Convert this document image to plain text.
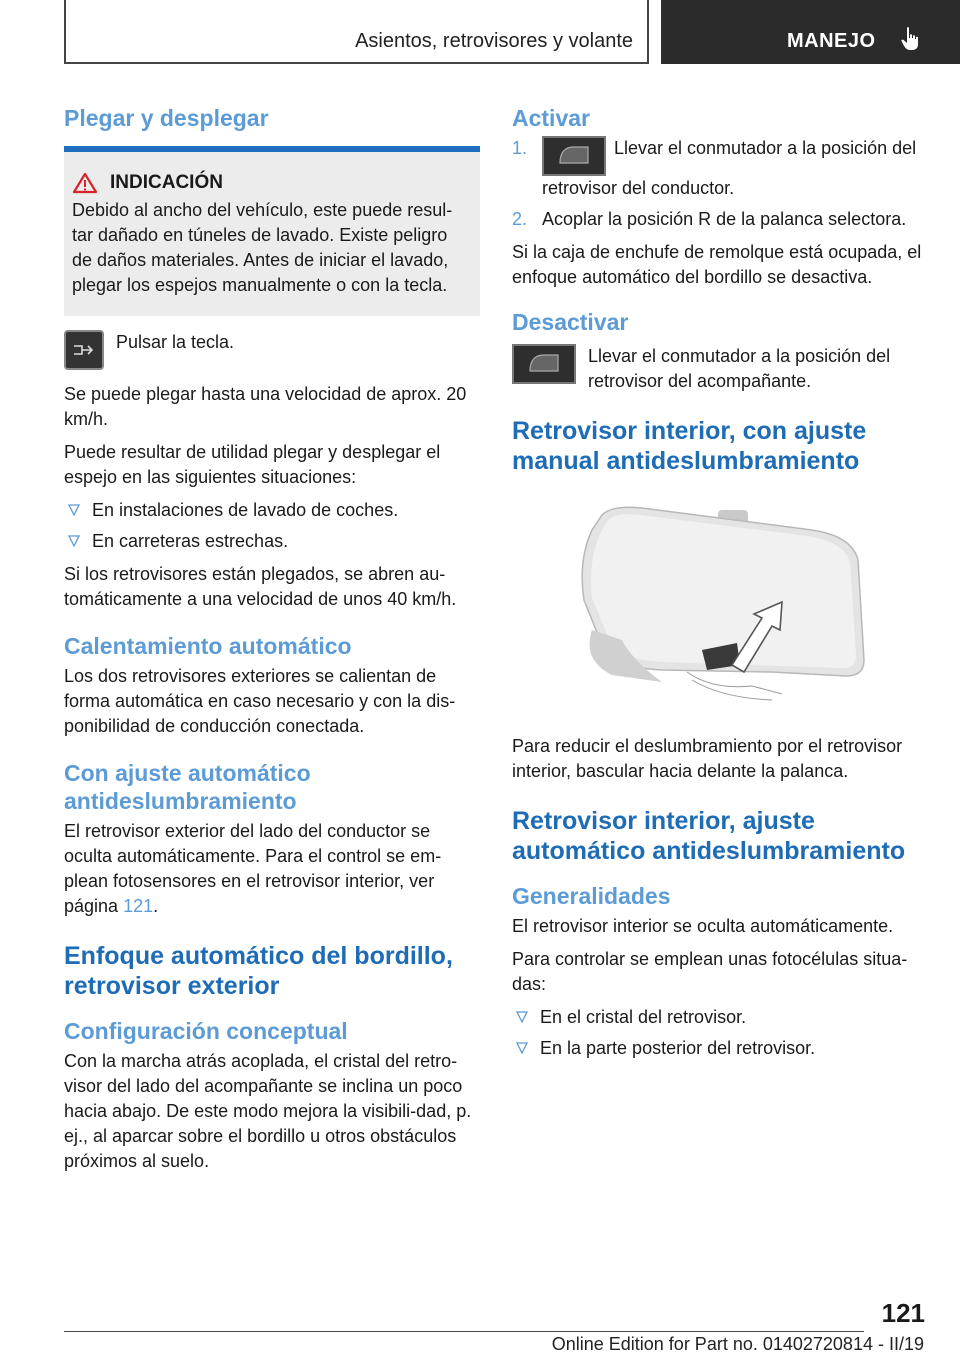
Asientos, retrovisores y volante	MANEJO
Plegar y desplegar
INDICACIÓN

Debido al ancho del vehículo, este puede resul-tar dañado en túneles de lavado. Existe peligro de daños materiales. Antes de iniciar el lavado, plegar los espejos manualmente o con la tecla.

Pulsar la tecla.

Se puede plegar hasta una velocidad de aprox. 20 km/h.

Puede resultar de utilidad plegar y desplegar el espejo en las siguientes situaciones:

En instalaciones de lavado de coches.
En carreteras estrechas.

Si los retrovisores están plegados, se abren au-tomáticamente a una velocidad de unos 40 km/h.

Calentamiento automático

Los dos retrovisores exteriores se calientan de forma automática en caso necesario y con la dis-ponibilidad de conducción conectada.

Con ajuste automático antideslumbramiento

El retrovisor exterior del lado del conductor se oculta automáticamente. Para el control se em-plean fotosensores en el retrovisor interior, ver página 121.

Enfoque automático del bordillo, retrovisor exterior
Configuración conceptual

Con la marcha atrás acoplada, el cristal del retro-visor del lado del acompañante se inclina un poco hacia abajo. De este modo mejora la visibili-dad, p. ej., al aparcar sobre el bordillo u otros obstáculos próximos al suelo.

Activar
1.	Llevar el conmutador a la posición del retrovisor del conductor.
2. Acoplar la posición R de la palanca selectora.

Si la caja de enchufe de remolque está ocupada, el enfoque automático del bordillo se desactiva.

Desactivar

Llevar el conmutador a la posición del retrovisor del acompañante.

Retrovisor interior, con ajuste manual antideslumbramiento

Para reducir el deslumbramiento por el retrovisor interior, bascular hacia delante la palanca.

Retrovisor interior, ajuste automático antideslumbramiento
Generalidades

El retrovisor interior se oculta automáticamente.

Para controlar se emplean unas fotocélulas situa-das:

En el cristal del retrovisor.
En la parte posterior del retrovisor.
121
Online Edition for Part no. 01402720814 - II/19
